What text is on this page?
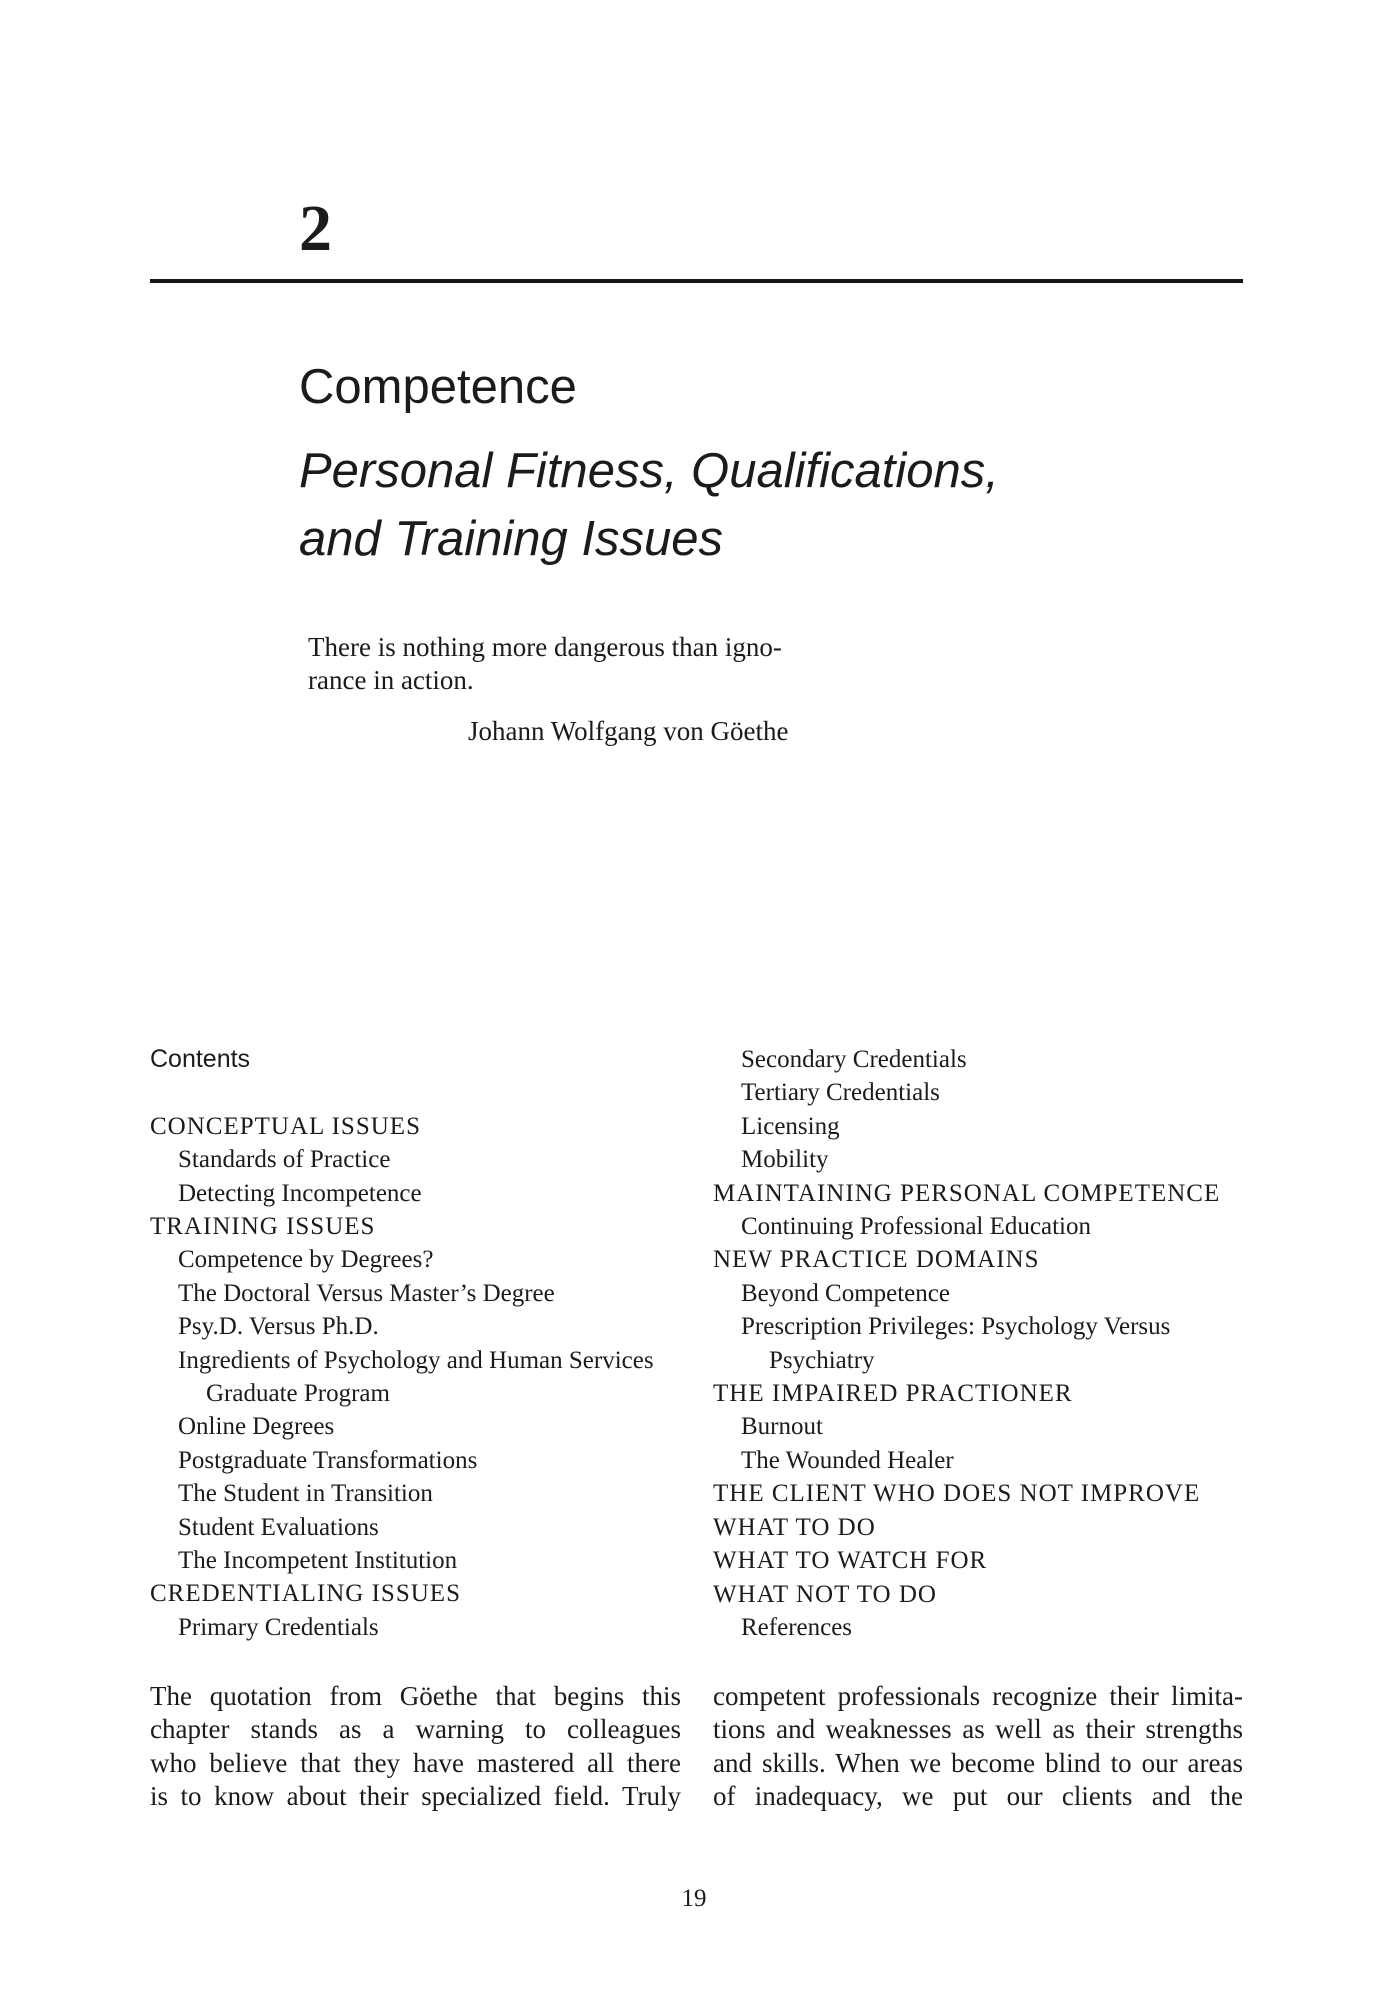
2
Competence
Personal Fitness, Qualifications,
and Training Issues
There is nothing more dangerous than igno-
rance in action.
Johann Wolfgang von Göethe
Contents
CONCEPTUAL ISSUES
Standards of Practice
Detecting Incompetence
TRAINING ISSUES
Competence by Degrees?
The Doctoral Versus Master’s Degree
Psy.D. Versus Ph.D.
Ingredients of Psychology and Human Services
Graduate Program
Online Degrees
Postgraduate Transformations
The Student in Transition
Student Evaluations
The Incompetent Institution
CREDENTIALING ISSUES
Primary Credentials
Secondary Credentials
Tertiary Credentials
Licensing
Mobility
MAINTAINING PERSONAL COMPETENCE
Continuing Professional Education
NEW PRACTICE DOMAINS
Beyond Competence
Prescription Privileges: Psychology Versus
Psychiatry
THE IMPAIRED PRACTIONER
Burnout
The Wounded Healer
THE CLIENT WHO DOES NOT IMPROVE
WHAT TO DO
WHAT TO WATCH FOR
WHAT NOT TO DO
References
The quotation from Göethe that begins this
chapter stands as a warning to colleagues
who believe that they have mastered all there
is to know about their specialized field. Truly
competent professionals recognize their limita-
tions and weaknesses as well as their strengths
and skills. When we become blind to our areas
of inadequacy, we put our clients and the
19
